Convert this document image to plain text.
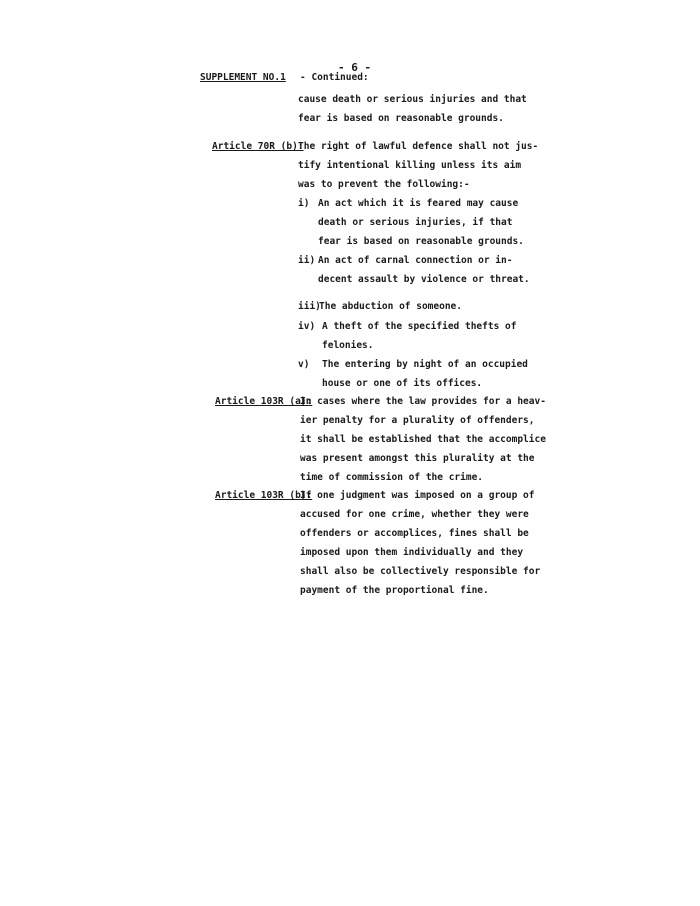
- 6 -
SUPPLEMENT NO.1 - Continued:
cause death or serious injuries and that
fear is based on reasonable grounds.
Article 70R (b):
The right of lawful defence shall not jus-
tify intentional killing unless its aim
was to prevent the following:-
i) An act which it is feared may cause
death or serious injuries, if that
fear is based on reasonable grounds.
ii) An act of carnal connection or in-
decent assault by violence or threat.
iii)
The abduction of someone.
iv) A theft of the specified thefts of
felonies.
v) The entering by night of an occupied
house or one of its offices.
Article 103R (a):
In cases where the law provides for a heav-
ier penalty for a plurality of offenders,
it shall be established that the accomplice
was present amongst this plurality at the
time of commission of the crime.
Article 103R (b):
If one judgment was imposed on a group of
accused for one crime, whether they were
offenders or accomplices, fines shall be
imposed upon them individually and they
shall also be collectively responsible for
payment of the proportional fine.
